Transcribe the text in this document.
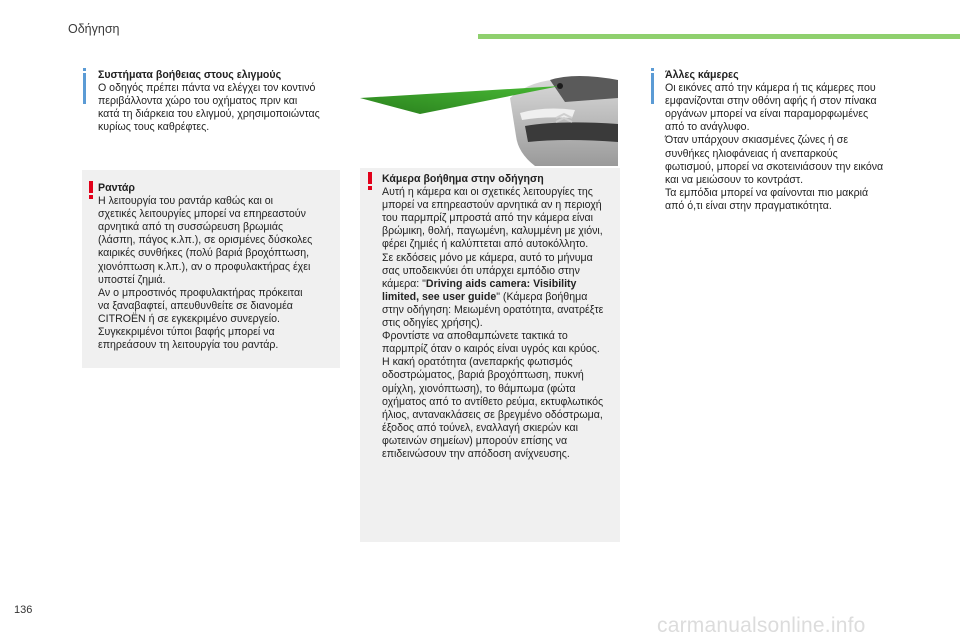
Οδήγηση
Συστήματα βοήθειας στους ελιγμούς
Ο οδηγός πρέπει πάντα να ελέγχει τον κοντινό
περιβάλλοντα χώρο του οχήματος πριν και
κατά τη διάρκεια του ελιγμού, χρησιμοποιώντας
κυρίως τους καθρέφτες.
Ραντάρ
Η λειτουργία του ραντάρ καθώς και οι
σχετικές λειτουργίες μπορεί να επηρεαστούν
αρνητικά από τη συσσώρευση βρωμιάς
(λάσπη, πάγος κ.λπ.), σε ορισμένες δύσκολες
καιρικές συνθήκες (πολύ βαριά βροχόπτωση,
χιονόπτωση κ.λπ.), αν ο προφυλακτήρας έχει
υποστεί ζημιά.
Αν ο μπροστινός προφυλακτήρας πρόκειται
να ξαναβαφτεί, απευθυνθείτε σε διανομέα
CITROËN ή σε εγκεκριμένο συνεργείο.
Συγκεκριμένοι τύποι βαφής μπορεί να
επηρεάσουν τη λειτουργία του ραντάρ.
Κάμερα βοήθημα στην οδήγηση
Αυτή η κάμερα και οι σχετικές λειτουργίες της
μπορεί να επηρεαστούν αρνητικά αν η περιοχή
του παρμπρίζ μπροστά από την κάμερα είναι
βρώμικη, θολή, παγωμένη, καλυμμένη με χιόνι,
φέρει ζημιές ή καλύπτεται από αυτοκόλλητο.
Σε εκδόσεις μόνο με κάμερα, αυτό το μήνυμα
σας υποδεικνύει ότι υπάρχει εμπόδιο στην
κάμερα: "Driving aids camera: Visibility
limited, see user guide" (Κάμερα βοήθημα
στην οδήγηση: Μειωμένη ορατότητα, ανατρέξτε
στις οδηγίες χρήσης).
Φροντίστε να αποθαμπώνετε τακτικά το
παρμπρίζ όταν ο καιρός είναι υγρός και κρύος.
Η κακή ορατότητα (ανεπαρκής φωτισμός
οδοστρώματος, βαριά βροχόπτωση, πυκνή
ομίχλη, χιονόπτωση), το θάμπωμα (φώτα
οχήματος από το αντίθετο ρεύμα, εκτυφλωτικός
ήλιος, αντανακλάσεις σε βρεγμένο οδόστρωμα,
έξοδος από τούνελ, εναλλαγή σκιερών και
φωτεινών σημείων) μπορούν επίσης να
επιδεινώσουν την απόδοση ανίχνευσης.
Άλλες κάμερες
Οι εικόνες από την κάμερα ή τις κάμερες που
εμφανίζονται στην οθόνη αφής ή στον πίνακα
οργάνων μπορεί να είναι παραμορφωμένες
από το ανάγλυφο.
Όταν υπάρχουν σκιασμένες ζώνες ή σε
συνθήκες ηλιοφάνειας ή ανεπαρκούς
φωτισμού, μπορεί να σκοτεινιάσουν την εικόνα
και να μειώσουν το κοντράστ.
Τα εμπόδια μπορεί να φαίνονται πιο μακριά
από ό,τι είναι στην πραγματικότητα.
136
carmanualsonline.info
